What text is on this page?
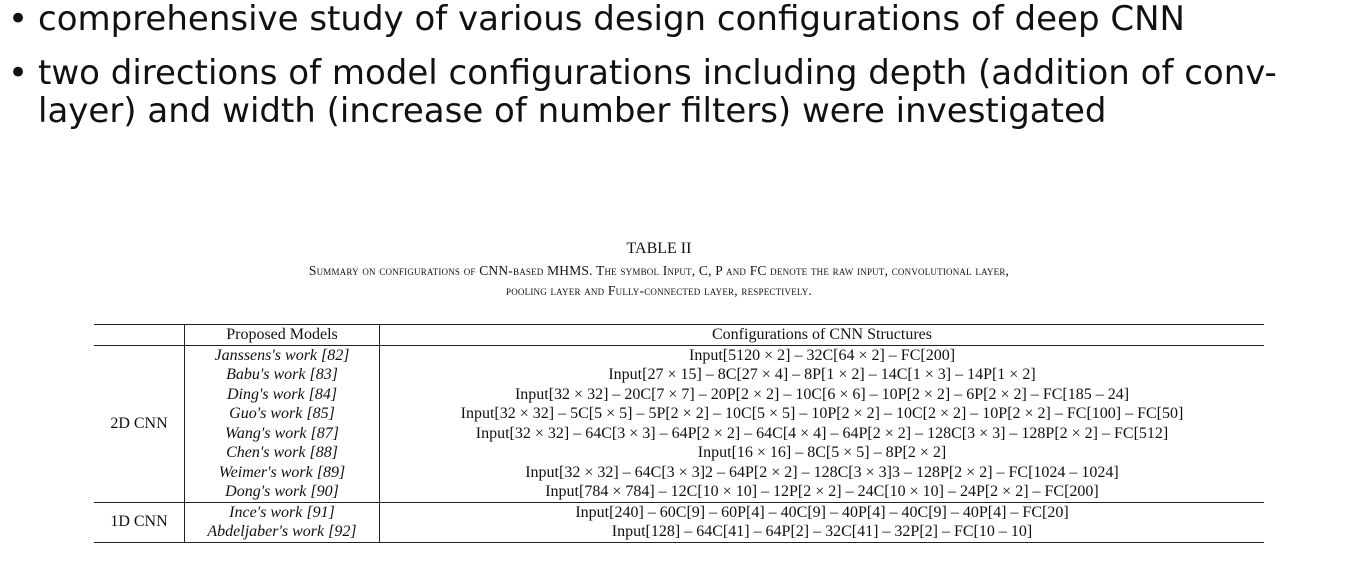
• comprehensive study of various design configurations of deep CNN
• two directions of model configurations including depth (addition of conv-layer) and width (increase of number filters) were investigated
TABLE II
Summary on configurations of CNN-based MHMS. The symbol Input, C, P and FC denote the raw input, convolutional layer,
pooling layer and Fully-connected layer, respectively.
	Proposed Models	Configurations of CNN Structures
2D CNN	Janssens's work [82]	Input[5120 × 2] – 32C[64 × 2] – FC[200]
	Babu's work [83]	Input[27 × 15] – 8C[27 × 4] – 8P[1 × 2] – 14C[1 × 3] – 14P[1 × 2]
	Ding's work [84]	Input[32 × 32] – 20C[7 × 7] – 20P[2 × 2] – 10C[6 × 6] – 10P[2 × 2] – 6P[2 × 2] – FC[185 – 24]
	Guo's work [85]	Input[32 × 32] – 5C[5 × 5] – 5P[2 × 2] – 10C[5 × 5] – 10P[2 × 2] – 10C[2 × 2] – 10P[2 × 2] – FC[100] – FC[50]
	Wang's work [87]	Input[32 × 32] – 64C[3 × 3] – 64P[2 × 2] – 64C[4 × 4] – 64P[2 × 2] – 128C[3 × 3] – 128P[2 × 2] – FC[512]
	Chen's work [88]	Input[16 × 16] – 8C[5 × 5] – 8P[2 × 2]
	Weimer's work [89]	Input[32 × 32] – 64C[3 × 3]2 – 64P[2 × 2] – 128C[3 × 3]3 – 128P[2 × 2] – FC[1024 – 1024]
	Dong's work [90]	Input[784 × 784] – 12C[10 × 10] – 12P[2 × 2] – 24C[10 × 10] – 24P[2 × 2] – FC[200]
1D CNN	Ince's work [91]	Input[240] – 60C[9] – 60P[4] – 40C[9] – 40P[4] – 40C[9] – 40P[4] – FC[20]
	Abdeljaber's work [92]	Input[128] – 64C[41] – 64P[2] – 32C[41] – 32P[2] – FC[10 – 10]
